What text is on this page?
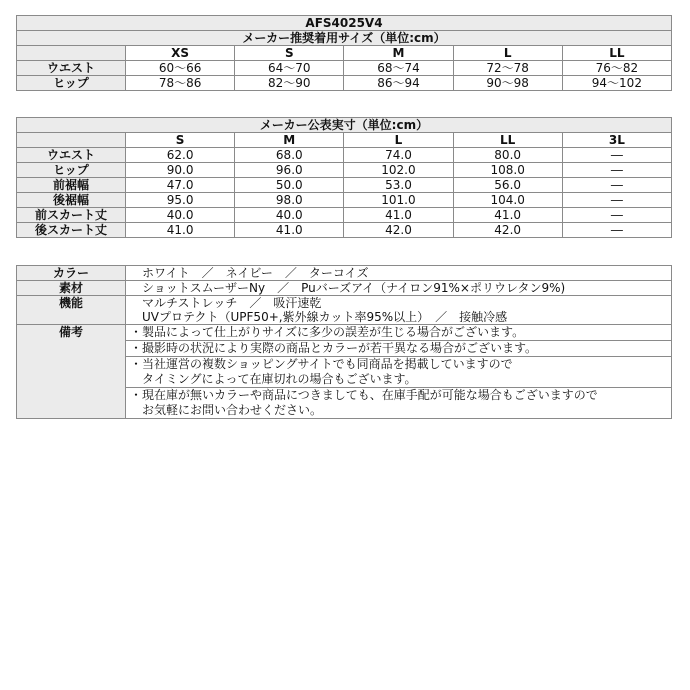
AFS4025V4					
メーカー推奨着用サイズ（単位:cm）					
	XS	S	M	L	LL
ウエスト	60〜66	64〜70	68〜74	72〜78	76〜82
ヒップ	78〜86	82〜90	86〜94	90〜98	94〜102
メーカー公表実寸（単位:cm）					
	S	M	L	LL	3L
ウエスト	62.0	68.0	74.0	80.0	―
ヒップ	90.0	96.0	102.0	108.0	―
前裾幅	47.0	50.0	53.0	56.0	―
後裾幅	95.0	98.0	101.0	104.0	―
前スカート丈	40.0	40.0	41.0	41.0	―
後スカート丈	41.0	41.0	42.0	42.0	―
カラー	ホワイト　／　ネイビー　／　ターコイズ
素材	ショットスムーザーNy　／　Puバーズアイ（ナイロン91%×ポリウレタン9%)
機能	マルチストレッチ　／　吸汗速乾
UVプロテクト（UPF50+,紫外線カット率95%以上）　／　接触冷感

備考	・製品によって仕上がりサイズに多少の誤差が生じる場合がございます。

	・撮影時の状況により実際の商品とカラーが若干異なる場合がございます。

	・当社運営の複数ショッピングサイトでも同商品を掲載していますので
　タイミングによって在庫切れの場合もございます。

	・現在庫が無いカラーや商品につきましても、在庫手配が可能な場合もございますので
　お気軽にお問い合わせください。
